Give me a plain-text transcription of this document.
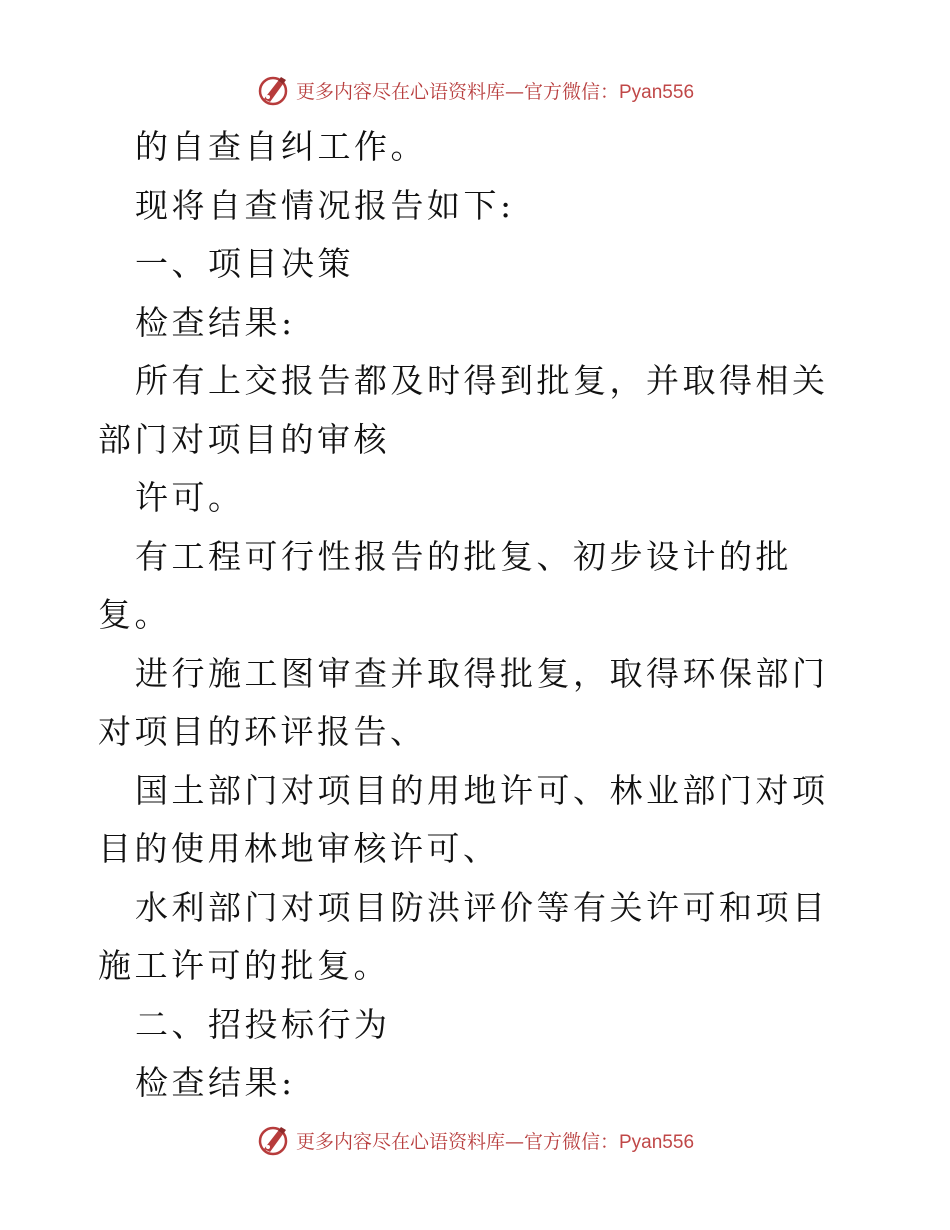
更多内容尽在心语资料库—官方微信：Pyan556

的自查自纠工作。

现将自查情况报告如下:

一、项目决策

检查结果:

所有上交报告都及时得到批复，并取得相关部门对项目的审核

许可。

有工程可行性报告的批复、初步设计的批复。

进行施工图审查并取得批复，取得环保部门对项目的环评报告、

国土部门对项目的用地许可、林业部门对项目的使用林地审核许可、

水利部门对项目防洪评价等有关许可和项目施工许可的批复。

二、招投标行为

检查结果:

更多内容尽在心语资料库—官方微信：Pyan556
